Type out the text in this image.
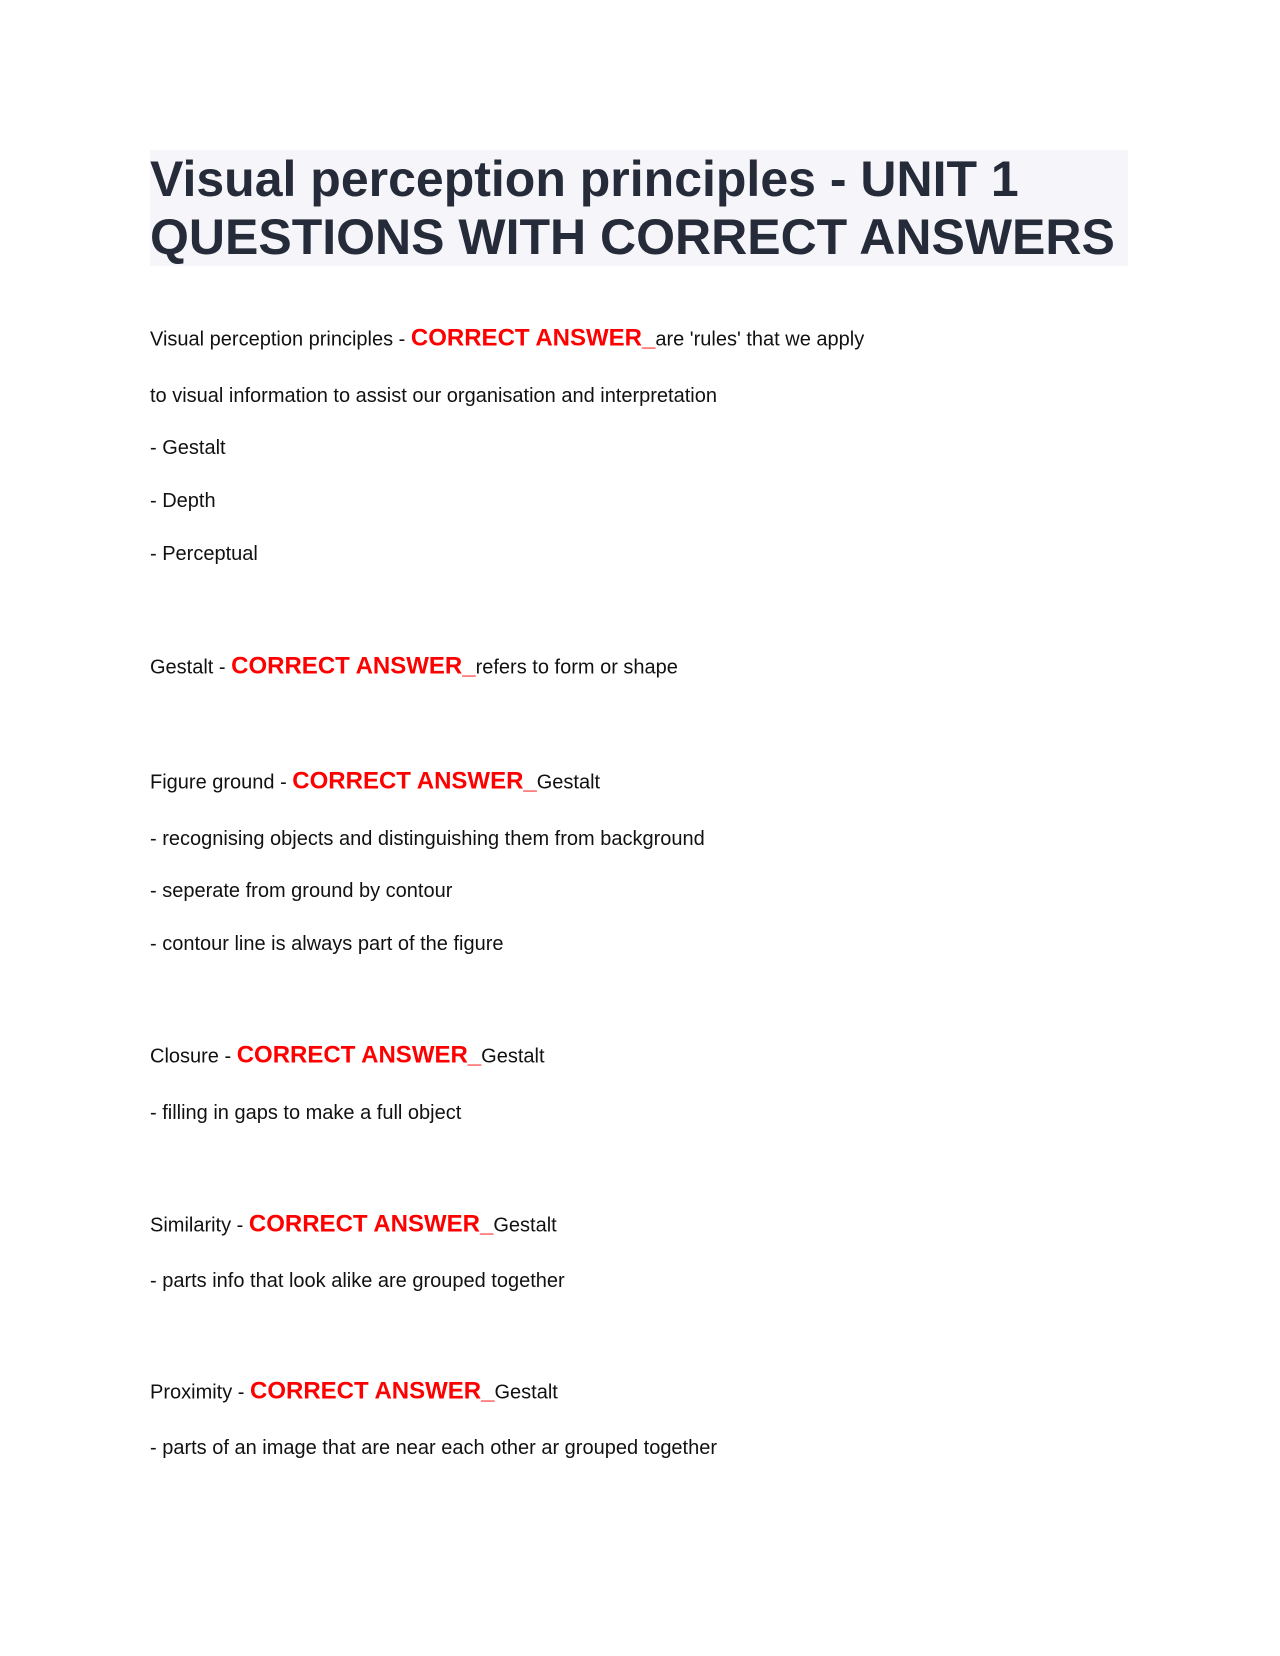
Visual perception principles - UNIT 1
QUESTIONS WITH CORRECT ANSWERS
Visual perception principles - CORRECT ANSWER_are 'rules' that we apply
to visual information to assist our organisation and interpretation
- Gestalt
- Depth
- Perceptual
Gestalt - CORRECT ANSWER_refers to form or shape
Figure ground - CORRECT ANSWER_Gestalt
- recognising objects and distinguishing them from background
- seperate from ground by contour
- contour line is always part of the figure
Closure - CORRECT ANSWER_Gestalt
- filling in gaps to make a full object
Similarity - CORRECT ANSWER_Gestalt
- parts info that look alike are grouped together
Proximity - CORRECT ANSWER_Gestalt
- parts of an image that are near each other ar grouped together
